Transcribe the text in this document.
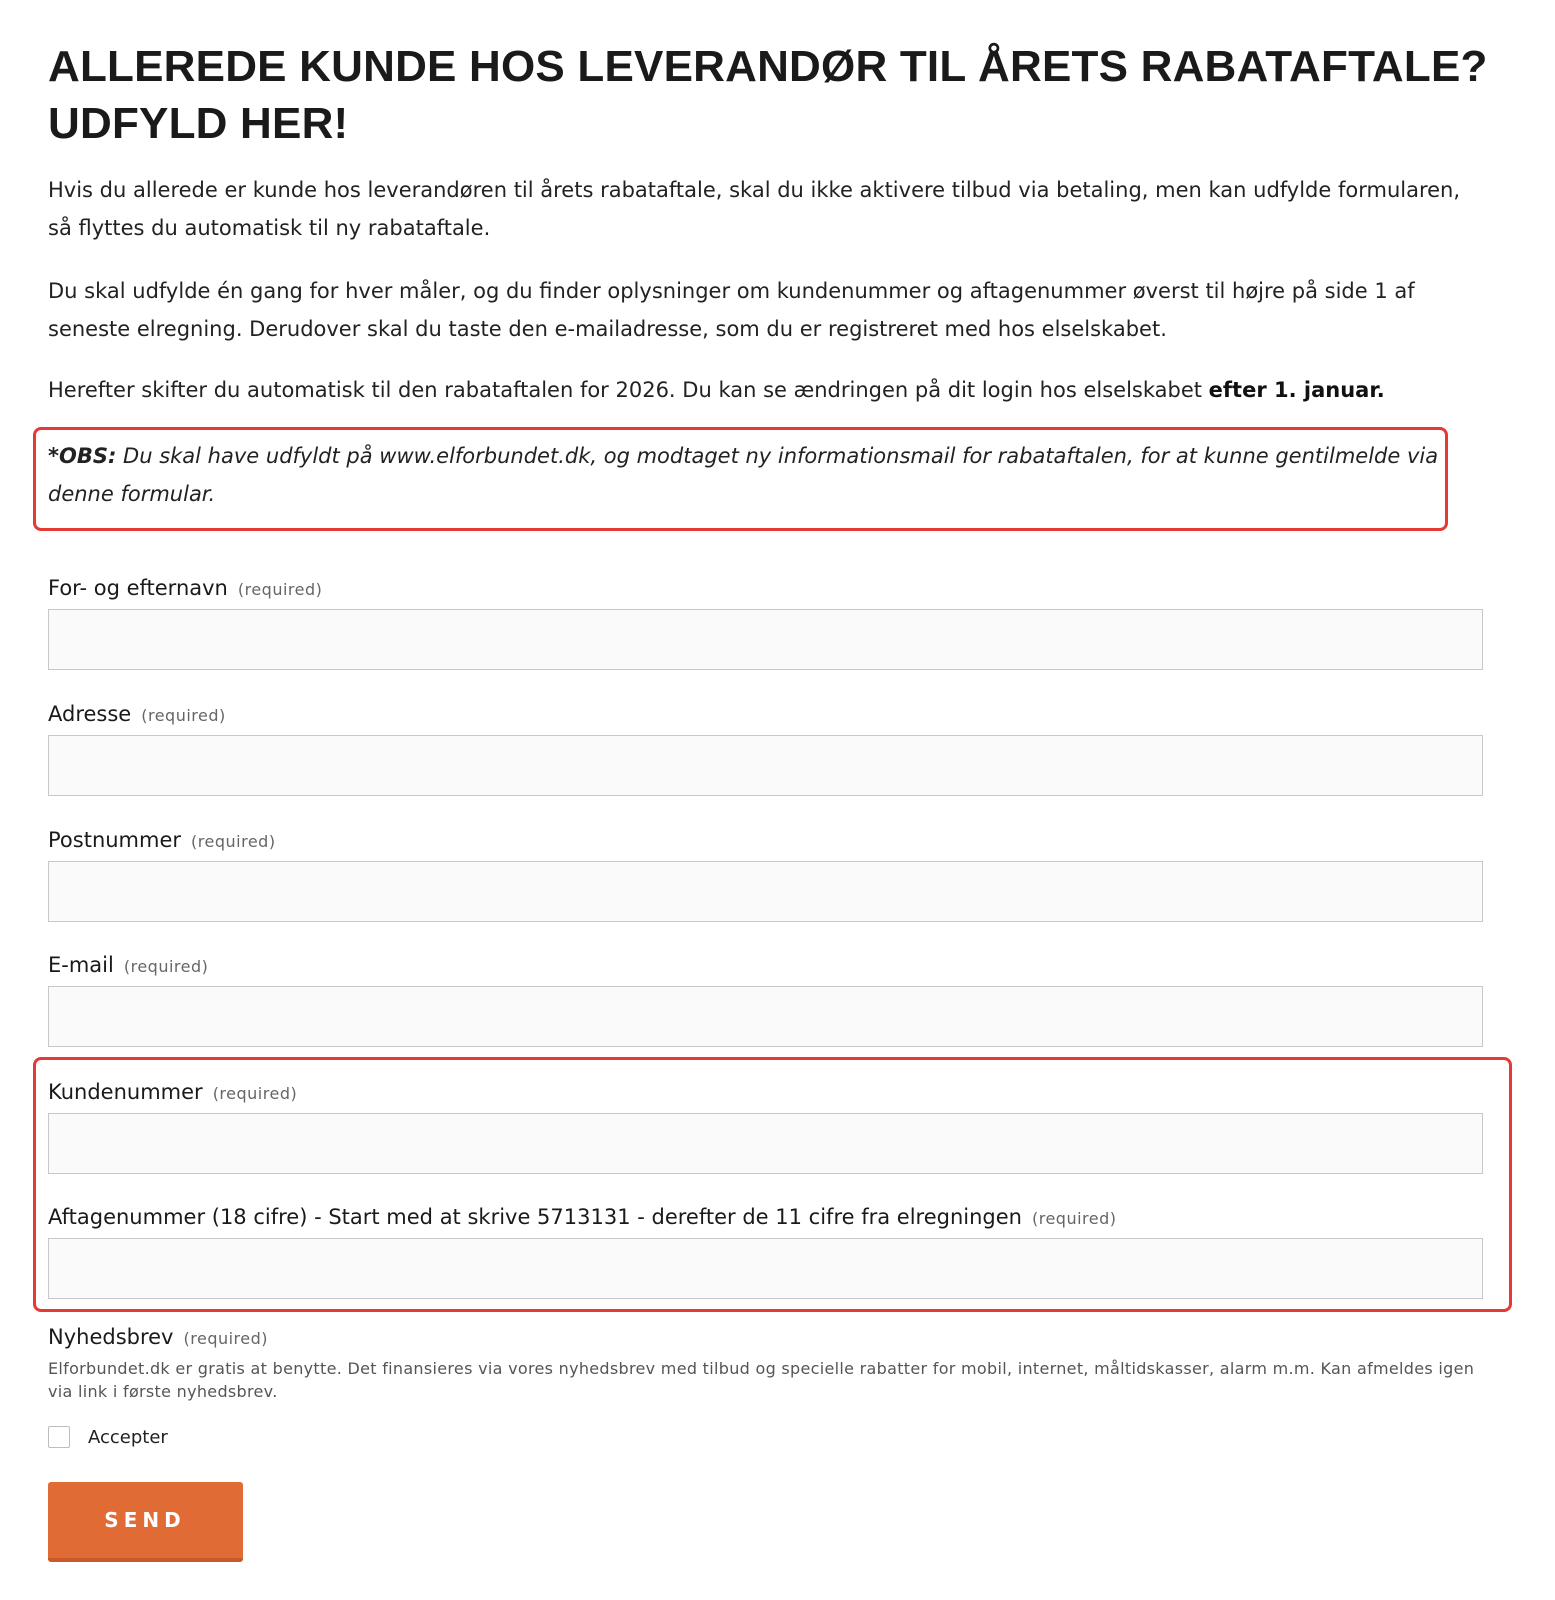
ALLEREDE KUNDE HOS LEVERANDØR TIL ÅRETS RABATAFTALE?
UDFYLD HER!

Hvis du allerede er kunde hos leverandøren til årets rabataftale, skal du ikke aktivere tilbud via betaling, men kan udfylde formularen, så flyttes du automatisk til ny rabataftale.

Du skal udfylde én gang for hver måler, og du finder oplysninger om kundenummer og aftagenummer øverst til højre på side 1 af seneste elregning. Derudover skal du taste den e-mailadresse, som du er registreret med hos elselskabet.

Herefter skifter du automatisk til den rabataftalen for 2026. Du kan se ændringen på dit login hos elselskabet efter 1. januar.

*OBS: Du skal have udfyldt på www.elforbundet.dk, og modtaget ny informationsmail for rabataftalen, for at kunne gentilmelde via denne formular.
For- og efternavn (required)
Adresse (required)
Postnummer (required)
E-mail (required)
Kundenummer (required)
Aftagenummer (18 cifre) - Start med at skrive 5713131 - derefter de 11 cifre fra elregningen (required)
Nyhedsbrev (required)
Elforbundet.dk er gratis at benytte. Det finansieres via vores nyhedsbrev med tilbud og specielle rabatter for mobil, internet, måltidskasser, alarm m.m. Kan afmeldes igen via link i første nyhedsbrev.
Accepter
SEND
